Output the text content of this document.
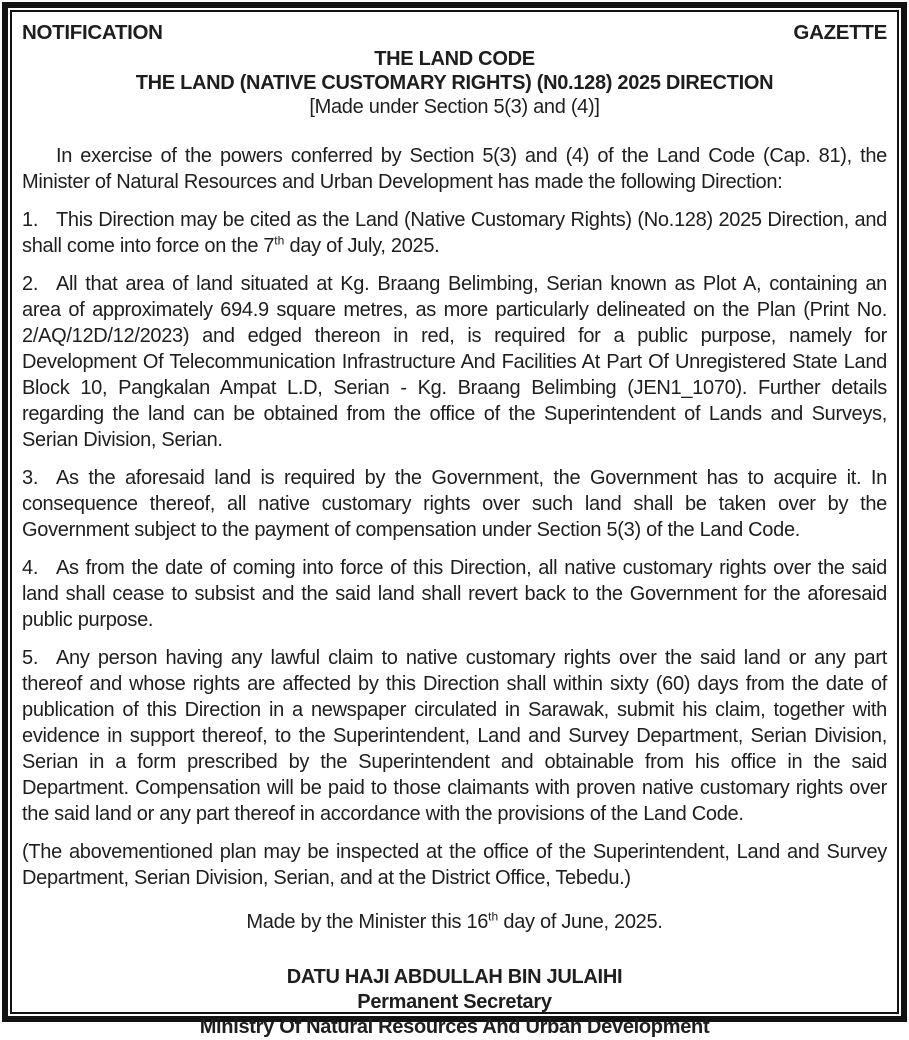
NOTIFICATION	GAZETTE
THE LAND CODE
THE LAND (NATIVE CUSTOMARY RIGHTS) (N0.128) 2025 DIRECTION
[Made under Section 5(3) and (4)]

In exercise of the powers conferred by Section 5(3) and (4) of the Land Code (Cap. 81), the Minister of Natural Resources and Urban Development has made the following Direction:

1. This Direction may be cited as the Land (Native Customary Rights) (No.128) 2025 Direction, and shall come into force on the 7th day of July, 2025.

2. All that area of land situated at Kg. Braang Belimbing, Serian known as Plot A, containing an area of approximately 694.9 square metres, as more particularly delineated on the Plan (Print No. 2/AQ/12D/12/2023) and edged thereon in red, is required for a public purpose, namely for Development Of Telecommunication Infrastructure And Facilities At Part Of Unregistered State Land Block 10, Pangkalan Ampat L.D, Serian - Kg. Braang Belimbing (JEN1_1070). Further details regarding the land can be obtained from the office of the Superintendent of Lands and Surveys, Serian Division, Serian.

3. As the aforesaid land is required by the Government, the Government has to acquire it. In consequence thereof, all native customary rights over such land shall be taken over by the Government subject to the payment of compensation under Section 5(3) of the Land Code.

4. As from the date of coming into force of this Direction, all native customary rights over the said land shall cease to subsist and the said land shall revert back to the Government for the aforesaid public purpose.

5. Any person having any lawful claim to native customary rights over the said land or any part thereof and whose rights are affected by this Direction shall within sixty (60) days from the date of publication of this Direction in a newspaper circulated in Sarawak, submit his claim, together with evidence in support thereof, to the Superintendent, Land and Survey Department, Serian Division, Serian in a form prescribed by the Superintendent and obtainable from his office in the said Department. Compensation will be paid to those claimants with proven native customary rights over the said land or any part thereof in accordance with the provisions of the Land Code.

(The abovementioned plan may be inspected at the office of the Superintendent, Land and Survey Department, Serian Division, Serian, and at the District Office, Tebedu.)

Made by the Minister this 16th day of June, 2025.

DATU HAJI ABDULLAH BIN JULAIHI
Permanent Secretary
Ministry Of Natural Resources And Urban Development
